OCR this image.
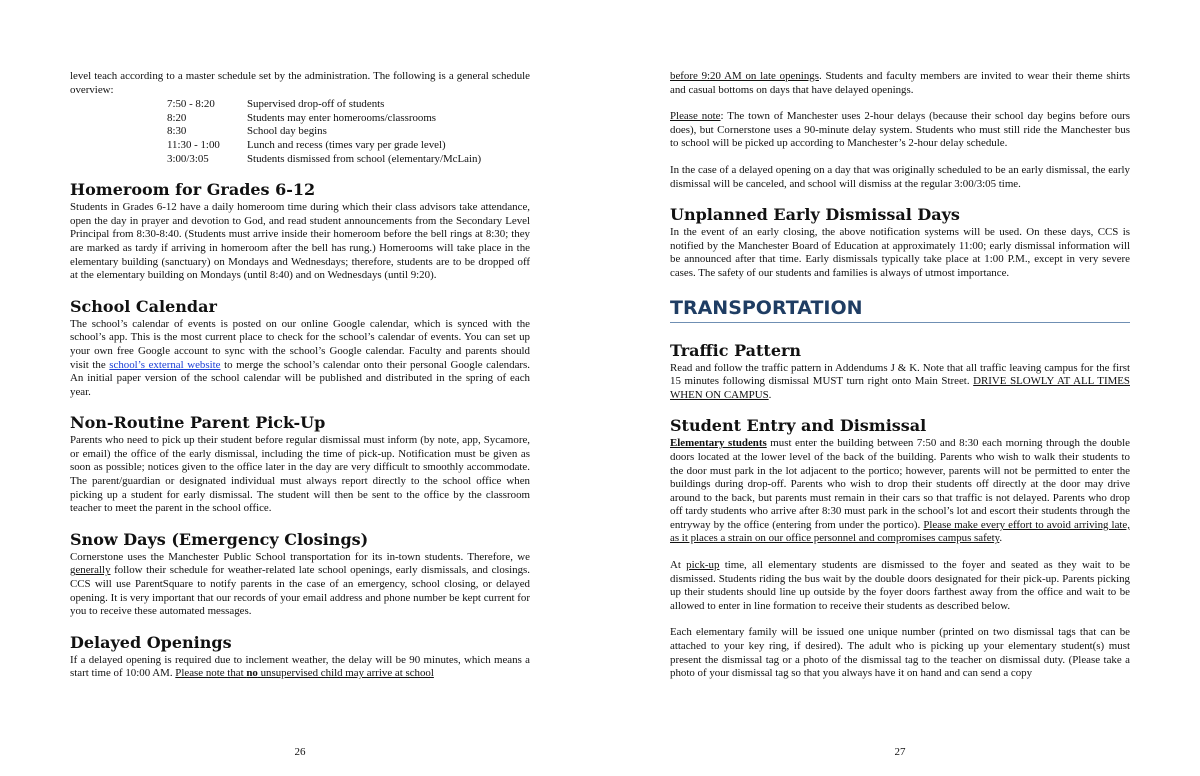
level teach according to a master schedule set by the administration. The following is a general schedule overview:

7:50 - 8:20	Supervised drop-off of students
8:20	Students may enter homerooms/classrooms
8:30	School day begins
11:30 - 1:00	Lunch and recess (times vary per grade level)
3:00/3:05	Students dismissed from school (elementary/McLain)
Homeroom for Grades 6-12

Students in Grades 6-12 have a daily homeroom time during which their class advisors take attendance, open the day in prayer and devotion to God, and read student announcements from the Secondary Level Principal from 8:30-8:40. (Students must arrive inside their homeroom before the bell rings at 8:30; they are marked as tardy if arriving in homeroom after the bell has rung.) Homerooms will take place in the elementary building (sanctuary) on Mondays and Wednesdays; therefore, students are to be dropped off at the elementary building on Mondays (until 8:40) and on Wednesdays (until 9:20).

School Calendar

The school’s calendar of events is posted on our online Google calendar, which is synced with the school’s app. This is the most current place to check for the school’s calendar of events. You can set up your own free Google account to sync with the school’s Google calendar. Faculty and parents should visit the school’s external website to merge the school’s calendar onto their personal Google calendars. An initial paper version of the school calendar will be published and distributed in the spring of each year.

Non-Routine Parent Pick-Up

Parents who need to pick up their student before regular dismissal must inform (by note, app, Sycamore, or email) the office of the early dismissal, including the time of pick-up. Notification must be given as soon as possible; notices given to the office later in the day are very difficult to smoothly accommodate. The parent/guardian or designated individual must always report directly to the school office when picking up a student for early dismissal. The student will then be sent to the office by the classroom teacher to meet the parent in the school office.

Snow Days (Emergency Closings)

Cornerstone uses the Manchester Public School transportation for its in-town students. Therefore, we generally follow their schedule for weather-related late school openings, early dismissals, and closings. CCS will use ParentSquare to notify parents in the case of an emergency, school closing, or delayed opening. It is very important that our records of your email address and phone number be kept current for you to receive these automated messages.

Delayed Openings

If a delayed opening is required due to inclement weather, the delay will be 90 minutes, which means a start time of 10:00 AM. Please note that no unsupervised child may arrive at school

26

before 9:20 AM on late openings. Students and faculty members are invited to wear their theme shirts and casual bottoms on days that have delayed openings.

Please note: The town of Manchester uses 2-hour delays (because their school day begins before ours does), but Cornerstone uses a 90-minute delay system. Students who must still ride the Manchester bus to school will be picked up according to Manchester’s 2-hour delay schedule.

In the case of a delayed opening on a day that was originally scheduled to be an early dismissal, the early dismissal will be canceled, and school will dismiss at the regular 3:00/3:05 time.

Unplanned Early Dismissal Days

In the event of an early closing, the above notification systems will be used. On these days, CCS is notified by the Manchester Board of Education at approximately 11:00; early dismissal information will be announced after that time. Early dismissals typically take place at 1:00 P.M., except in very severe cases. The safety of our students and families is always of utmost importance.

TRANSPORTATION
Traffic Pattern

Read and follow the traffic pattern in Addendums J & K. Note that all traffic leaving campus for the first 15 minutes following dismissal MUST turn right onto Main Street. DRIVE SLOWLY AT ALL TIMES WHEN ON CAMPUS.

Student Entry and Dismissal

Elementary students must enter the building between 7:50 and 8:30 each morning through the double doors located at the lower level of the back of the building. Parents who wish to walk their students to the door must park in the lot adjacent to the portico; however, parents will not be permitted to enter the buildings during drop-off. Parents who wish to drop their students off directly at the door may drive around to the back, but parents must remain in their cars so that traffic is not delayed. Parents who drop off tardy students who arrive after 8:30 must park in the school’s lot and escort their students through the entryway by the office (entering from under the portico). Please make every effort to avoid arriving late, as it places a strain on our office personnel and compromises campus safety.

At pick-up time, all elementary students are dismissed to the foyer and seated as they wait to be dismissed. Students riding the bus wait by the double doors designated for their pick-up. Parents picking up their students should line up outside by the foyer doors farthest away from the office and wait to be allowed to enter in line formation to receive their students as described below.

Each elementary family will be issued one unique number (printed on two dismissal tags that can be attached to your key ring, if desired). The adult who is picking up your elementary student(s) must present the dismissal tag or a photo of the dismissal tag to the teacher on dismissal duty. (Please take a photo of your dismissal tag so that you always have it on hand and can send a copy

27
